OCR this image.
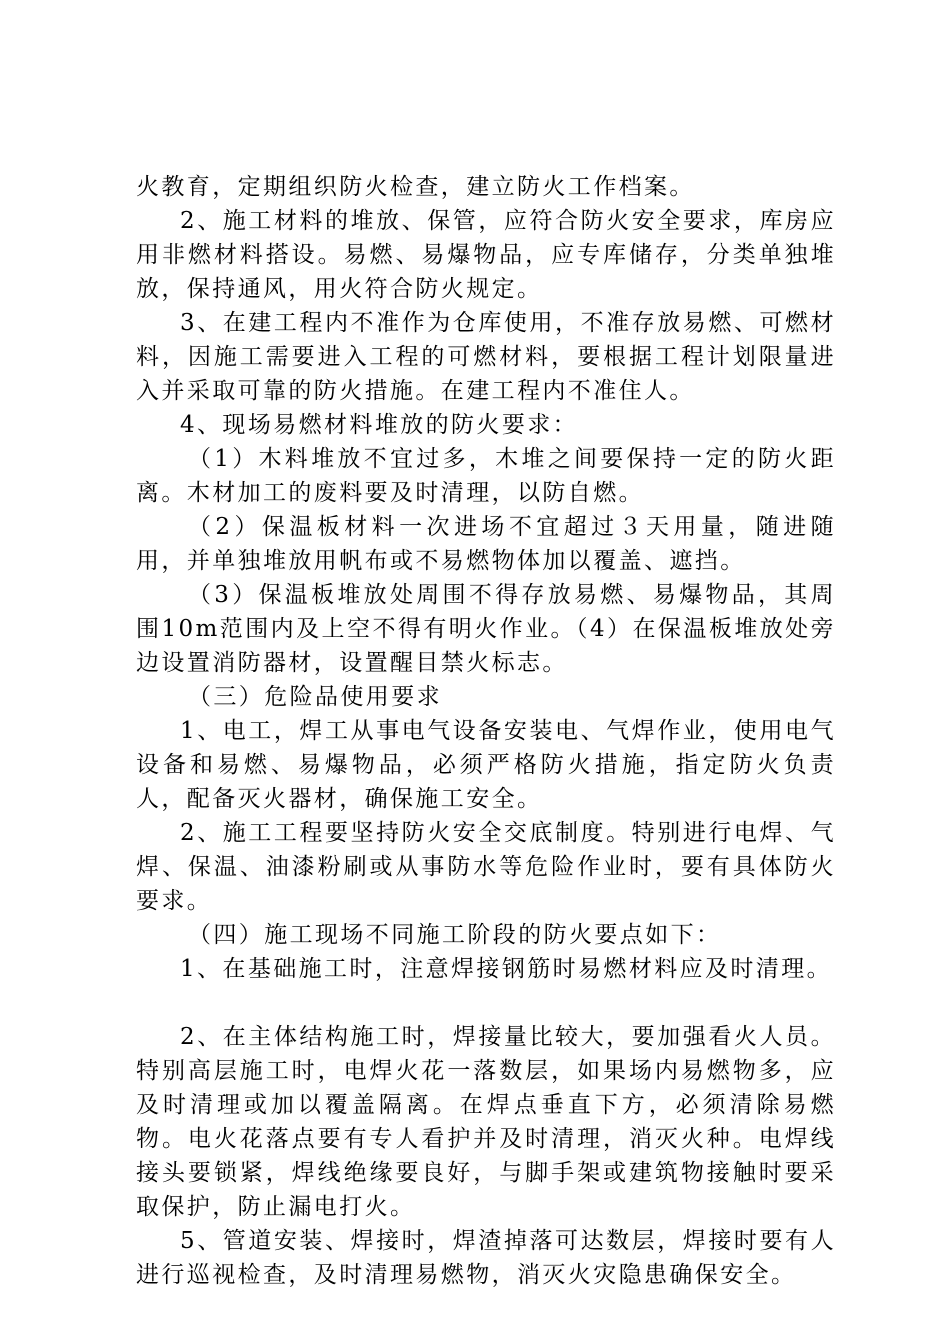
火教育，定期组织防火检查，建立防火工作档案。

2、施工材料的堆放、保管，应符合防火安全要求，库房应用非燃材料搭设。易燃、易爆物品，应专库储存，分类单独堆放，保持通风，用火符合防火规定。

3、在建工程内不准作为仓库使用，不准存放易燃、可燃材料，因施工需要进入工程的可燃材料，要根据工程计划限量进入并采取可靠的防火措施。在建工程内不准住人。

4、现场易燃材料堆放的防火要求：

（1）木料堆放不宜过多，木堆之间要保持一定的防火距离。木材加工的废料要及时清理，以防自燃。

（2）保温板材料一次进场不宜超过３天用量，随进随用，并单独堆放用帆布或不易燃物体加以覆盖、遮挡。

（3）保温板堆放处周围不得存放易燃、易爆物品，其周围10m范围内及上空不得有明火作业。（4）在保温板堆放处旁边设置消防器材，设置醒目禁火标志。

（三）危险品使用要求

1、电工，焊工从事电气设备安装电、气焊作业，使用电气设备和易燃、易爆物品，必须严格防火措施，指定防火负责人，配备灭火器材，确保施工安全。

2、施工工程要坚持防火安全交底制度。特别进行电焊、气焊、保温、油漆粉刷或从事防水等危险作业时，要有具体防火要求。

（四）施工现场不同施工阶段的防火要点如下：

1、在基础施工时，注意焊接钢筋时易燃材料应及时清理。

2、在主体结构施工时，焊接量比较大，要加强看火人员。特别高层施工时，电焊火花一落数层，如果场内易燃物多，应及时清理或加以覆盖隔离。在焊点垂直下方，必须清除易燃物。电火花落点要有专人看护并及时清理，消灭火种。电焊线接头要锁紧，焊线绝缘要良好，与脚手架或建筑物接触时要采取保护，防止漏电打火。

5、管道安装、焊接时，焊渣掉落可达数层，焊接时要有人进行巡视检查，及时清理易燃物，消灭火灾隐患确保安全。
